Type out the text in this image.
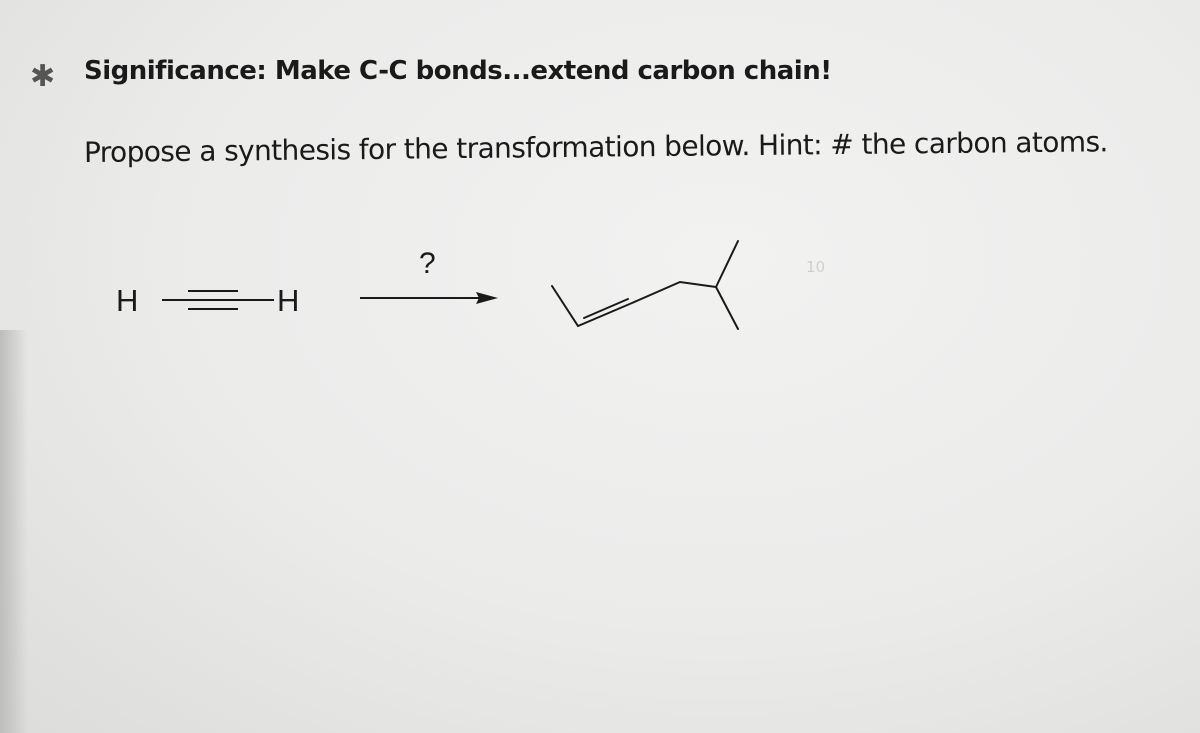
✱ Significance: Make C-C bonds...extend carbon chain!
Propose a synthesis for the transformation below. Hint: # the carbon atoms.
H	H
?	10
